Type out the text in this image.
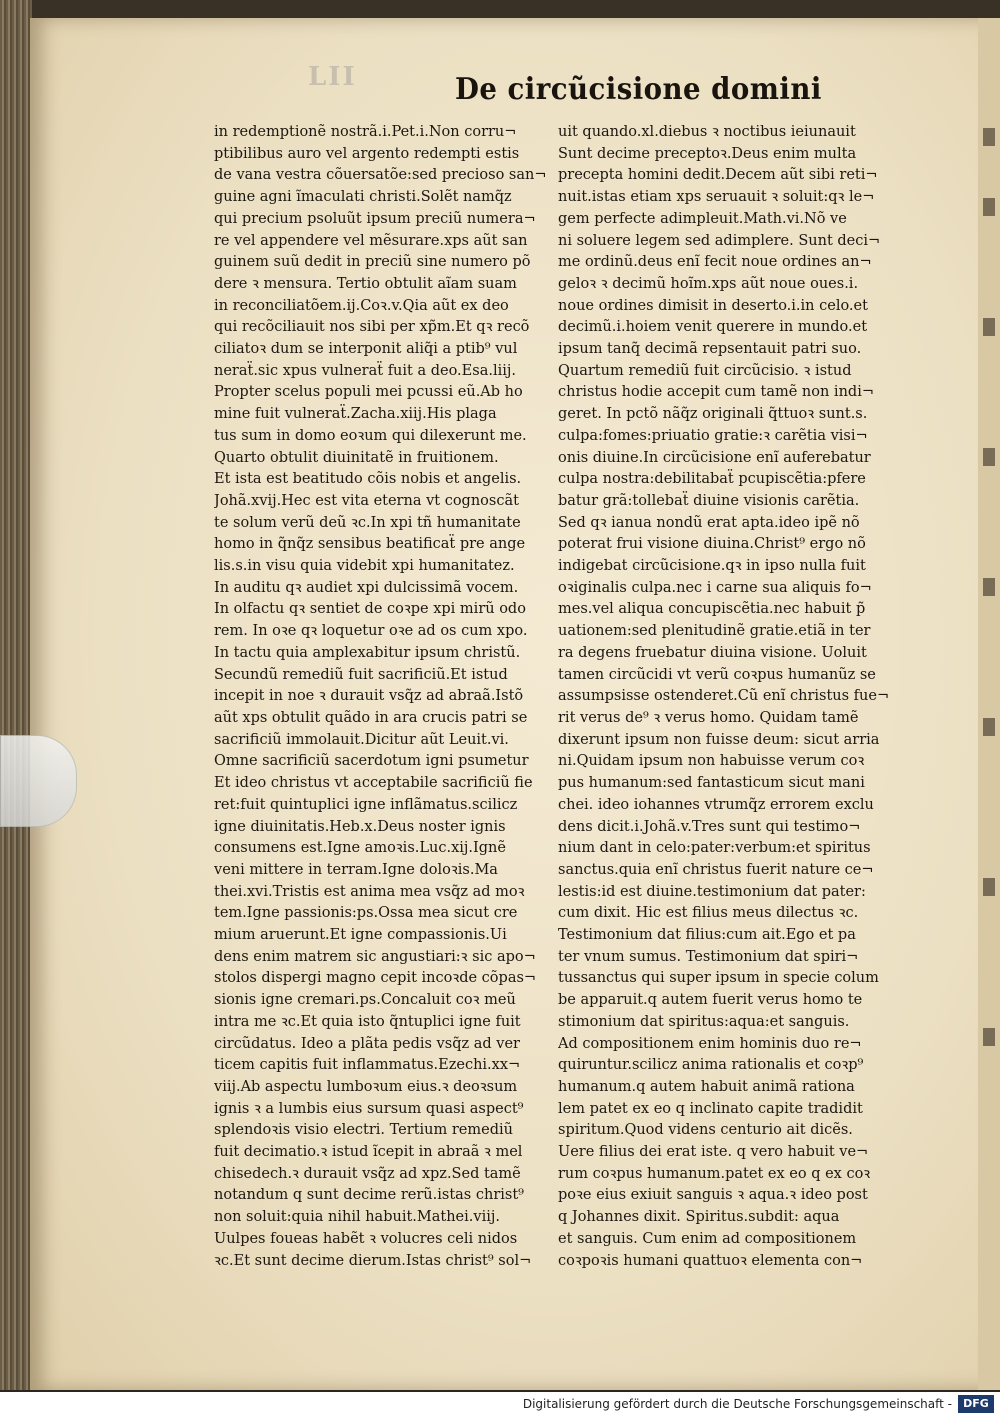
LII	De circũcisione domini
in redemptionẽ nostrã.i.Pet.i.Non corru¬
ptibilibus auro vel argento redempti estis
de vana vestra cõuersatõe:sed precioso san¬
guine agni ĩmaculati christi.Solẽt namq̃z
qui precium psoluũt ipsum preciũ numera¬
re vel appendere vel mẽsurare.xps aũt san
guinem suũ dedit in preciũ sine numero põ
dere ꝛ mensura. Tertio obtulit aĩam suam
in reconciliatõem.ij.Coꝛ.v.Qia aũt ex deo
qui recõciliauit nos sibi per xp̃m.Et qꝛ recõ
ciliatoꝛ dum se interponit aliq̃i a ptib⁹ vul
neraẗ.sic xpus vulneraẗ fuit a deo.Esa.liij.
Propter scelus populi mei pcussi eũ.Ab ho
mine fuit vulneraẗ.Zacha.xiij.His plaga
tus sum in domo eoꝛum qui dilexerunt me.
Quarto obtulit diuinitatẽ in fruitionem.
Et ista est beatitudo cõis nobis et angelis.
Johã.xvij.Hec est vita eterna vt cognoscãt
te solum verũ deũ ꝛc.In xpi tñ humanitate
homo in q̃nq̃z sensibus beatificaẗ pre ange
lis.s.in visu quia videbit xpi humanitatez.
In auditu qꝛ audiet xpi dulcissimã vocem.
In olfactu qꝛ sentiet de coꝛpe xpi mirũ odo
rem. In oꝛe qꝛ loquetur oꝛe ad os cum xpo.
In tactu quia amplexabitur ipsum christũ.
Secundũ remediũ fuit sacrificiũ.Et istud
incepit in noe ꝛ durauit vsq̃z ad abraã.Istõ
aũt xps obtulit quãdo in ara crucis patri se
sacrificiũ immolauit.Dicitur aũt Leuit.vi.
Omne sacrificiũ sacerdotum igni psumetur
Et ideo christus vt acceptabile sacrificiũ fie
ret:fuit quintuplici igne inflãmatus.scilicz
igne diuinitatis.Heb.x.Deus noster ignis
consumens est.Igne amoꝛis.Luc.xij.Ignẽ
veni mittere in terram.Igne doloꝛis.Ma
thei.xvi.Tristis est anima mea vsq̃z ad moꝛ
tem.Igne passionis:ps.Ossa mea sicut cre
mium aruerunt.Et igne compassionis.Ui
dens enim matrem sic angustiari:ꝛ sic apo¬
stolos dispergi magno cepit incoꝛde cõpas¬
sionis igne cremari.ps.Concaluit coꝛ meũ
intra me ꝛc.Et quia isto q̃ntuplici igne fuit
circũdatus. Ideo a plãta pedis vsq̃z ad ver
ticem capitis fuit inflammatus.Ezechi.xx¬
viij.Ab aspectu lumboꝛum eius.ꝛ deoꝛsum
ignis ꝛ a lumbis eius sursum quasi aspect⁹
splendoꝛis visio electri. Tertium remediũ
fuit decimatio.ꝛ istud ĩcepit in abraã ꝛ mel
chisedech.ꝛ durauit vsq̃z ad xpz.Sed tamẽ
notandum q sunt decime rerũ.istas christ⁹
non soluit:quia nihil habuit.Mathei.viij.
Uulpes foueas habẽt ꝛ volucres celi nidos
ꝛc.Et sunt decime dierum.Istas christ⁹ sol¬
uit quando.xl.diebus ꝛ noctibus ieiunauit
Sunt decime preceptoꝛ.Deus enim multa
precepta homini dedit.Decem aũt sibi reti¬
nuit.istas etiam xps seruauit ꝛ soluit:qꝛ le¬
gem perfecte adimpleuit.Math.vi.Nõ ve
ni soluere legem sed adimplere. Sunt deci¬
me ordinũ.deus enĩ fecit noue ordines an¬
geloꝛ ꝛ decimũ hoĩm.xps aũt noue oues.i.
noue ordines dimisit in deserto.i.in celo.et
decimũ.i.hoiem venit querere in mundo.et
ipsum tanq̃ decimã repsentauit patri suo.
Quartum remediũ fuit circũcisio. ꝛ istud
christus hodie accepit cum tamẽ non indi¬
geret. In pctõ nãq̃z originali q̃ttuoꝛ sunt.s.
culpa:fomes:priuatio gratie:ꝛ carẽtia visi¬
onis diuine.In circũcisione enĩ auferebatur
culpa nostra:debilitabaẗ pcupiscẽtia:pfere
batur grã:tollebaẗ diuine visionis carẽtia.
Sed qꝛ ianua nondũ erat apta.ideo ipẽ nõ
poterat frui visione diuina.Christ⁹ ergo nõ
indigebat circũcisione.qꝛ in ipso nulla fuit
oꝛiginalis culpa.nec i carne sua aliquis fo¬
mes.vel aliqua concupiscẽtia.nec habuit p̃
uationem:sed plenitudinẽ gratie.etiã in ter
ra degens fruebatur diuina visione. Uoluit
tamen circũcidi vt verũ coꝛpus humanũz se
assumpsisse ostenderet.Cũ enĩ christus fue¬
rit verus de⁹ ꝛ verus homo. Quidam tamẽ
dixerunt ipsum non fuisse deum: sicut arria
ni.Quidam ipsum non habuisse verum coꝛ
pus humanum:sed fantasticum sicut mani
chei. ideo iohannes vtrumq̃z errorem exclu
dens dicit.i.Johã.v.Tres sunt qui testimo¬
nium dant in celo:pater:verbum:et spiritus
sanctus.quia enĩ christus fuerit nature ce¬
lestis:id est diuine.testimonium dat pater:
cum dixit. Hic est filius meus dilectus ꝛc.
Testimonium dat filius:cum ait.Ego et pa
ter vnum sumus. Testimonium dat spiri¬
tussanctus qui super ipsum in specie colum
be apparuit.q autem fuerit verus homo te
stimonium dat spiritus:aqua:et sanguis.
Ad compositionem enim hominis duo re¬
quiruntur.scilicz anima rationalis et coꝛp⁹
humanum.q autem habuit animã rationa
lem patet ex eo q inclinato capite tradidit
spiritum.Quod videns centurio ait dicẽs.
Uere filius dei erat iste. q vero habuit ve¬
rum coꝛpus humanum.patet ex eo q ex coꝛ
poꝛe eius exiuit sanguis ꝛ aqua.ꝛ ideo post
q Johannes dixit. Spiritus.subdit: aqua
et sanguis. Cum enim ad compositionem
coꝛpoꝛis humani quattuoꝛ elementa con¬
Digitalisierung gefördert durch die Deutsche Forschungsgemeinschaft -	DFG
